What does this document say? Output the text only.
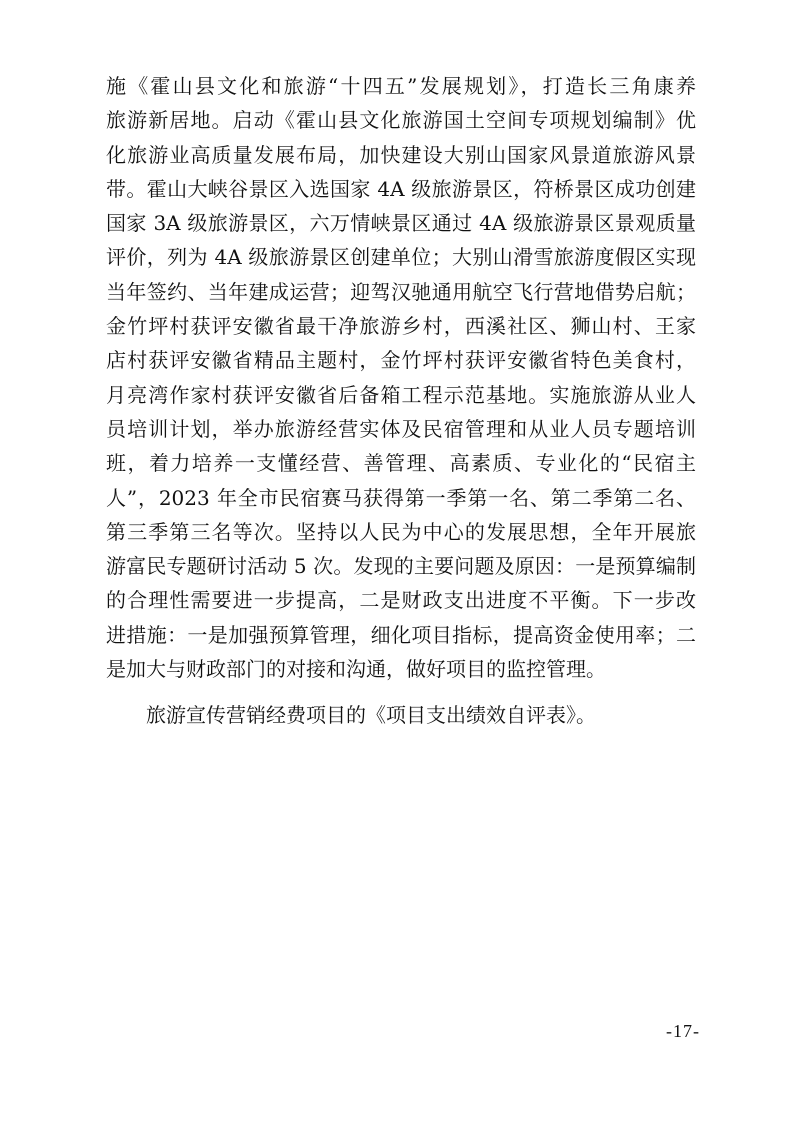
施《霍山县文化和旅游“十四五”发展规划》，打造长三角康养
旅游新居地。启动《霍山县文化旅游国土空间专项规划编制》优
化旅游业高质量发展布局，加快建设大别山国家风景道旅游风景
带。霍山大峡谷景区入选国家 4A 级旅游景区，符桥景区成功创建
国家 3A 级旅游景区，六万情峡景区通过 4A 级旅游景区景观质量
评价，列为 4A 级旅游景区创建单位；大别山滑雪旅游度假区实现
当年签约、当年建成运营；迎驾汉驰通用航空飞行营地借势启航；
金竹坪村获评安徽省最干净旅游乡村，西溪社区、狮山村、王家
店村获评安徽省精品主题村，金竹坪村获评安徽省特色美食村，
月亮湾作家村获评安徽省后备箱工程示范基地。实施旅游从业人
员培训计划，举办旅游经营实体及民宿管理和从业人员专题培训
班，着力培养一支懂经营、善管理、高素质、专业化的“民宿主
人”，2023 年全市民宿赛马获得第一季第一名、第二季第二名、
第三季第三名等次。坚持以人民为中心的发展思想，全年开展旅
游富民专题研讨活动 5 次。发现的主要问题及原因：一是预算编制
的合理性需要进一步提高，二是财政支出进度不平衡。下一步改
进措施：一是加强预算管理，细化项目指标，提高资金使用率；二
是加大与财政部门的对接和沟通，做好项目的监控管理。
旅游宣传营销经费项目的《项目支出绩效自评表》。
-17-
